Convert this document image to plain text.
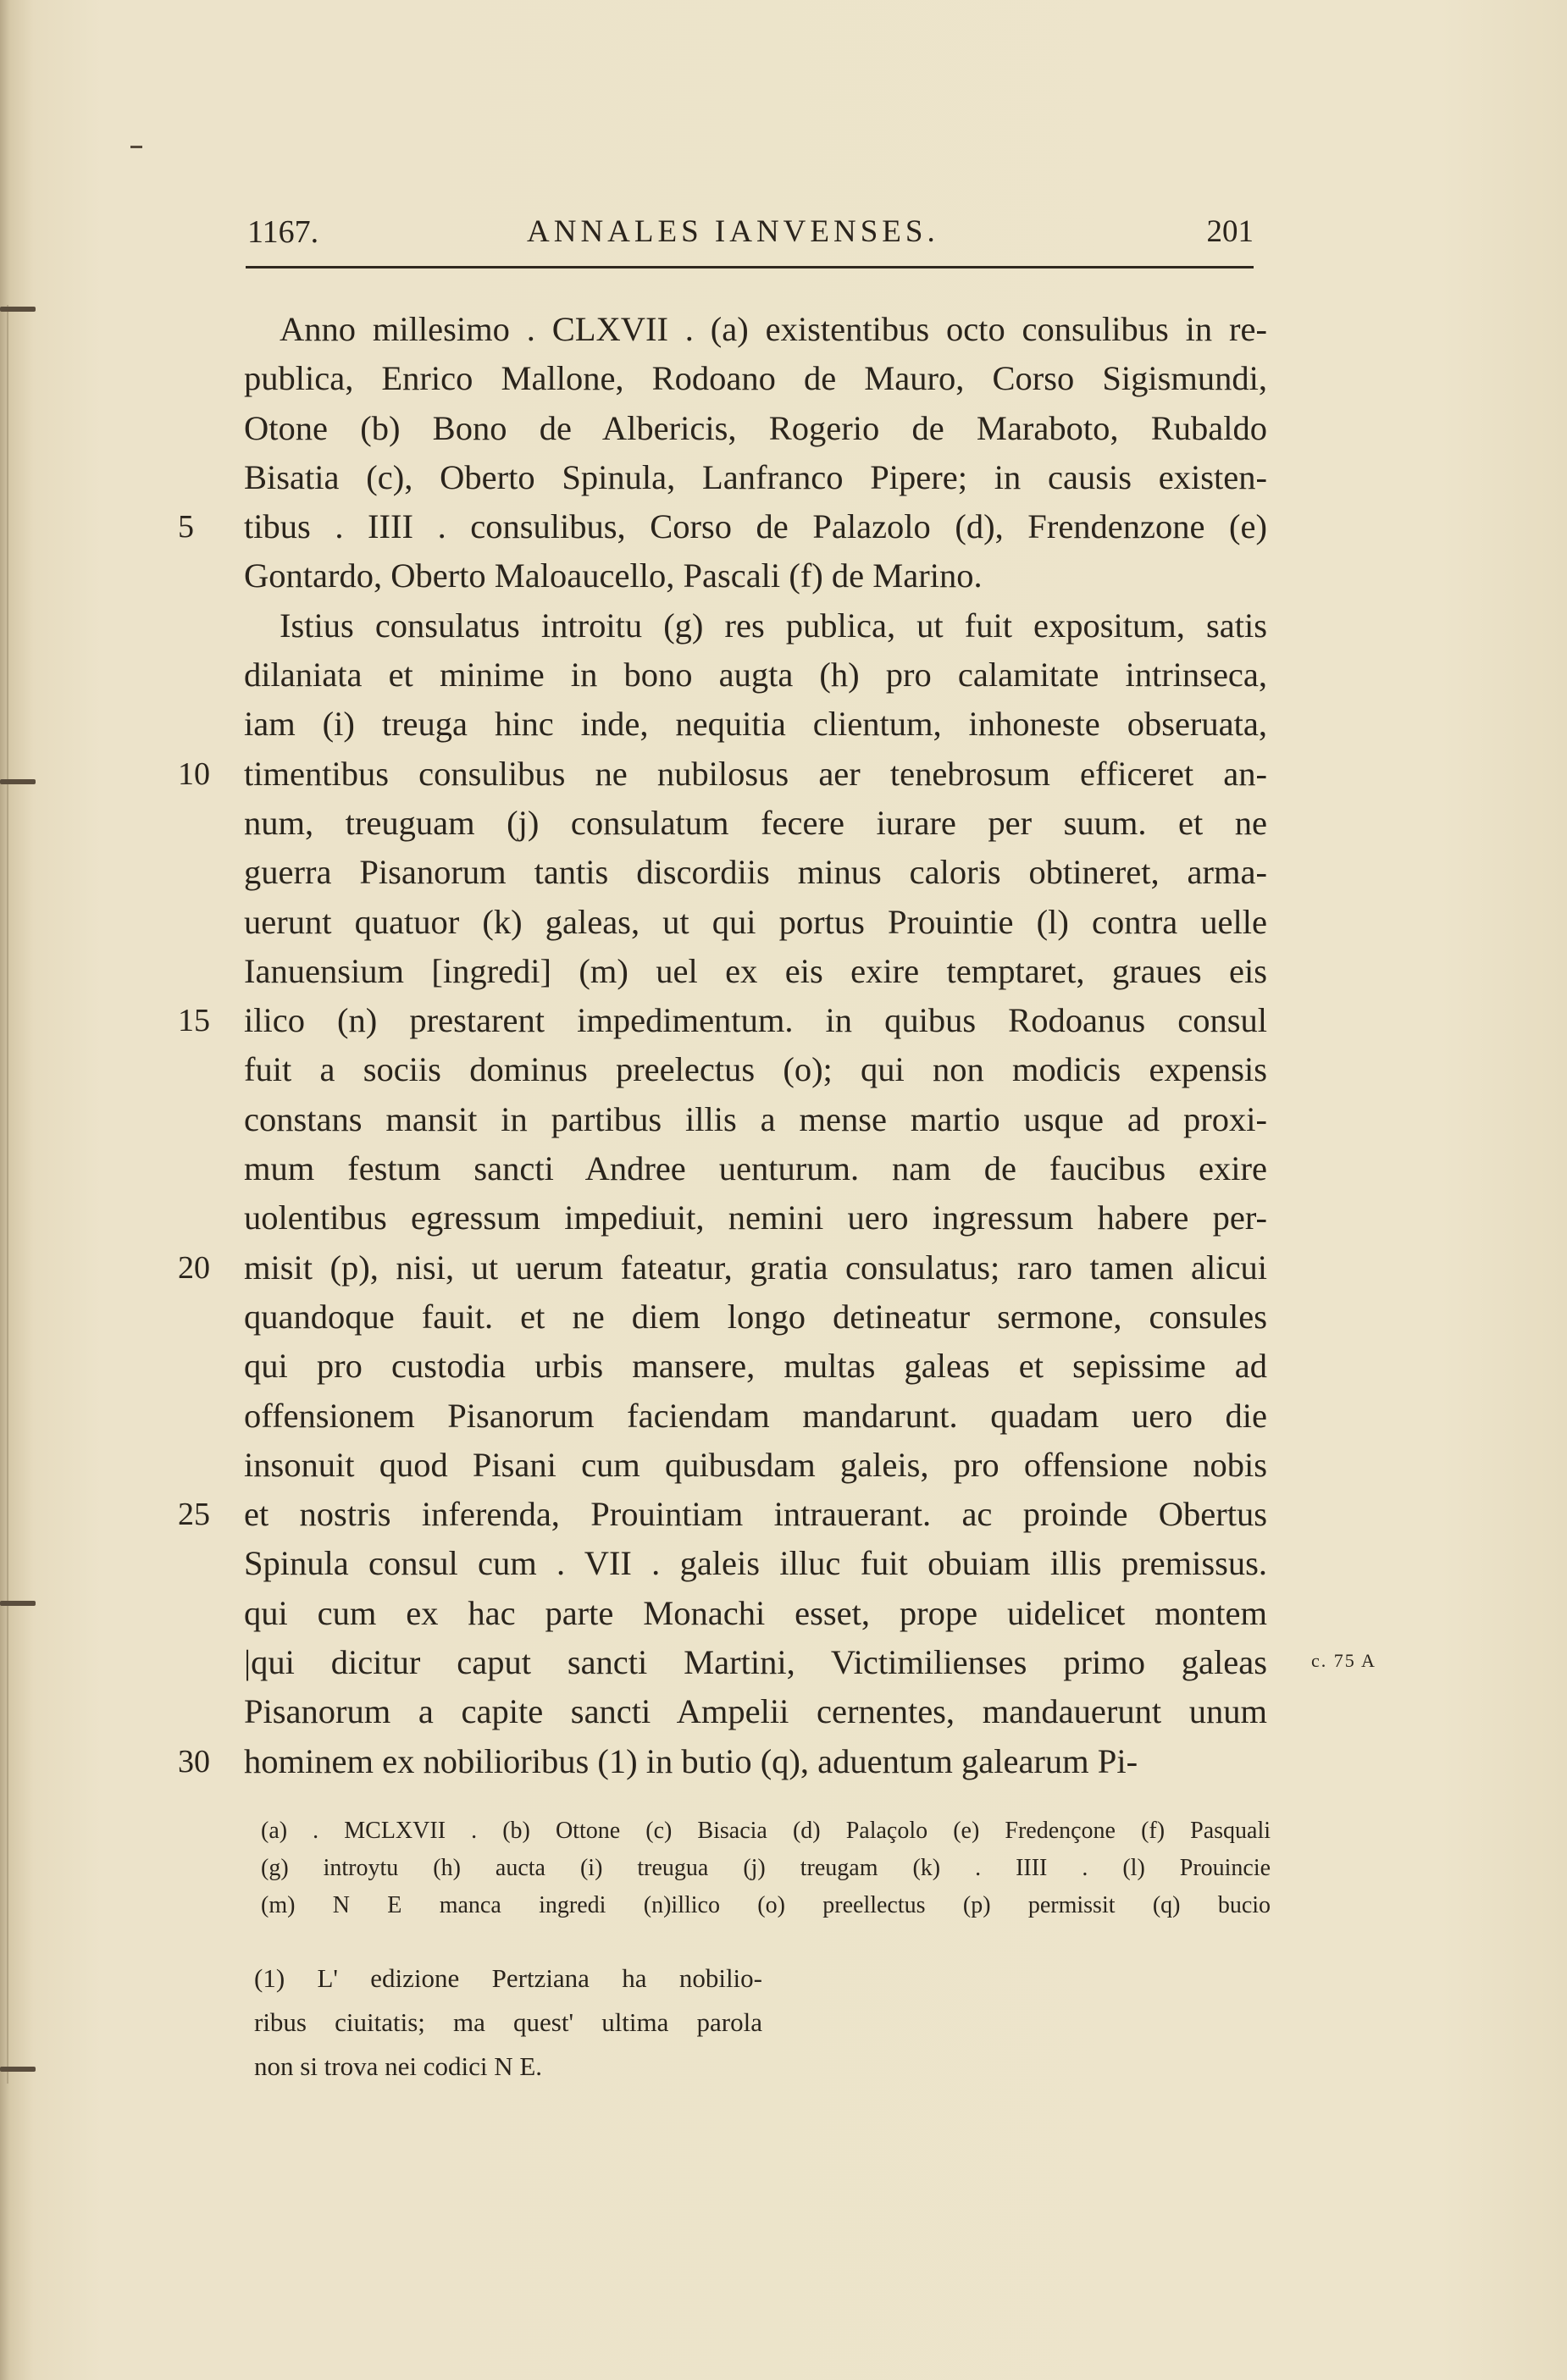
1167.	ANNALES IANVENSES.	201
Anno millesimo . CLXVII . (a) existentibus octo consulibus in re-
publica, Enrico Mallone, Rodoano de Mauro, Corso Sigismundi,
Otone (b) Bono de Albericis, Rogerio de Maraboto, Rubaldo
Bisatia (c), Oberto Spinula, Lanfranco Pipere; in causis existen-
tibus . IIII . consulibus, Corso de Palazolo (d), Frendenzone (e)
5
Gontardo, Oberto Maloaucello, Pascali (f) de Marino.
Istius consulatus introitu (g) res publica, ut fuit expositum, satis
dilaniata et minime in bono augta (h) pro calamitate intrinseca,
iam (i) treuga hinc inde, nequitia clientum, inhoneste obseruata,
timentibus consulibus ne nubilosus aer tenebrosum efficeret an-
10
num, treuguam (j) consulatum fecere iurare per suum. et ne
guerra Pisanorum tantis discordiis minus caloris obtineret, arma-
uerunt quatuor (k) galeas, ut qui portus Prouintie (l) contra uelle
Ianuensium [ingredi] (m) uel ex eis exire temptaret, graues eis
ilico (n) prestarent impedimentum. in quibus Rodoanus consul
15
fuit a sociis dominus preelectus (o); qui non modicis expensis
constans mansit in partibus illis a mense martio usque ad proxi-
mum festum sancti Andree uenturum. nam de faucibus exire
uolentibus egressum impediuit, nemini uero ingressum habere per-
misit (p), nisi, ut uerum fateatur, gratia consulatus; raro tamen alicui
20
quandoque fauit. et ne diem longo detineatur sermone, consules
qui pro custodia urbis mansere, multas galeas et sepissime ad
offensionem Pisanorum faciendam mandarunt. quadam uero die
insonuit quod Pisani cum quibusdam galeis, pro offensione nobis
et nostris inferenda, Prouintiam intrauerant. ac proinde Obertus
25
Spinula consul cum . VII . galeis illuc fuit obuiam illis premissus.
qui cum ex hac parte Monachi esset, prope uidelicet montem
|qui dicitur caput sancti Martini, Victimilienses primo galeas
Pisanorum a capite sancti Ampelii cernentes, mandauerunt unum
hominem ex nobilioribus (1) in butio (q), aduentum galearum Pi-
30
c. 75 A
(a) . MCLXVII . (b) Ottone (c) Bisacia (d) Palaçolo (e) Fredençone (f) Pasquali
(g) introytu (h) aucta (i) treugua (j) treugam (k) . IIII . (l) Prouincie
(m) N E manca ingredi (n)illico (o) preellectus (p) permissit (q) bucio
(1) L' edizione Pertziana ha nobilio-
ribus ciuitatis; ma quest' ultima parola
non si trova nei codici N E.
